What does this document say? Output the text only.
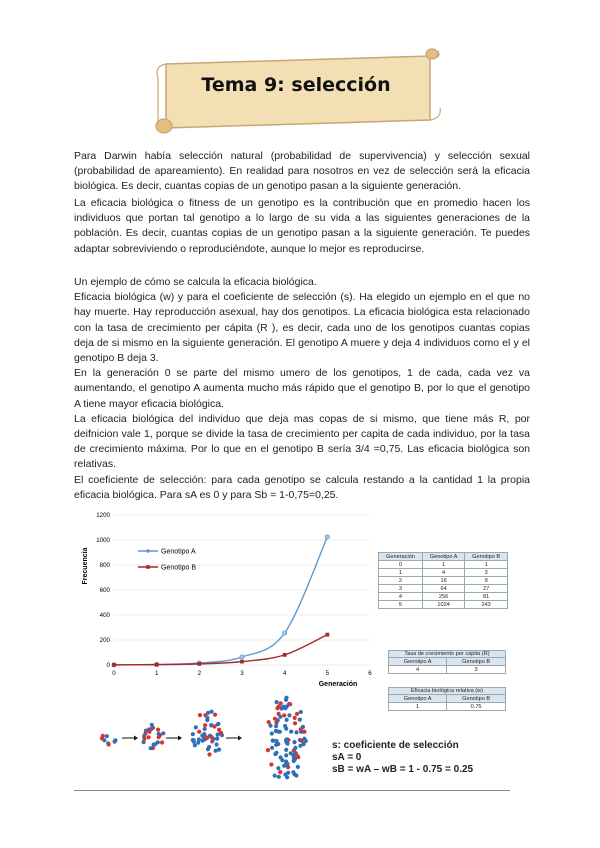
Tema 9: selección

Para Darwin había selección natural (probabilidad de supervivencia) y selección sexual (probabilidad de apareamiento). En realidad para nosotros en vez de selección será la eficacia biológica. Es decir, cuantas copias de un genotipo pasan a la siguiente generación.

La eficacia biológica o fitness de un genotipo es la contribución que en promedio hacen los individuos que portan tal genotipo a lo largo de su vida a las siguientes generaciones de la población. Es decir, cuantas copias de un genotipo pasan a la siguiente generación. Te puedes adaptar sobreviviendo o reproduciéndote, aunque lo mejor es reproducirse.

Un ejemplo de cómo se calcula la eficacia biológica.
Eficacia biológica (w) y para el coeficiente de selección (s). Ha elegido un ejemplo en el que no hay muerte. Hay reproducción asexual, hay dos genotipos. La eficacia biológica esta relacionado con la tasa de crecimiento per cápita (R ), es decir, cada uno de los genotipos cuantas copias deja de si mismo en la siguiente generación. El genotipo A muere y deja 4 individuos como el y el genotipo B deja 3.
En la generación 0 se parte del mismo umero de los genotipos, 1 de cada, cada vez va aumentando, el genotipo A aumenta mucho más rápido que el genotipo B, por lo que el genotipo A tiene mayor eficacia biológica.
La eficacia biológica del individuo que deja mas copas de si mismo, que tiene más R, por deifnicion vale 1, porque se divide la tasa de crecimiento per capita de cada individuo, por la tasa de crecimiento máxima. Por lo que en el genotipo B sería 3/4 =0,75. Las eficacia biológica son relativas.
El coeficiente de selección: para cada genotipo se calcula restando a la cantidad 1 la propia eficacia biológica. Para sA es 0 y para Sb = 1-0,75=0,25.
0
200
400
600
800
1000
1200
0	1	2	3	4	5	6
Frecuencia
Generación
Genotipo A
Genotipo B
Generación	Genotipo A	Genotipo B
0	1	1
1	4	3
2	16	9
3	64	27
4	256	81
5	1024	243
Tasa de crecimiento per cápita (R)
Genotipo A	Genotipo B
4	3
Eficacia biológica relativa (w)
Genotipo A	Genotipo B
1	0.75
s: coeficiente de selección
sA = 0
sB = wA – wB = 1 - 0.75 = 0.25
